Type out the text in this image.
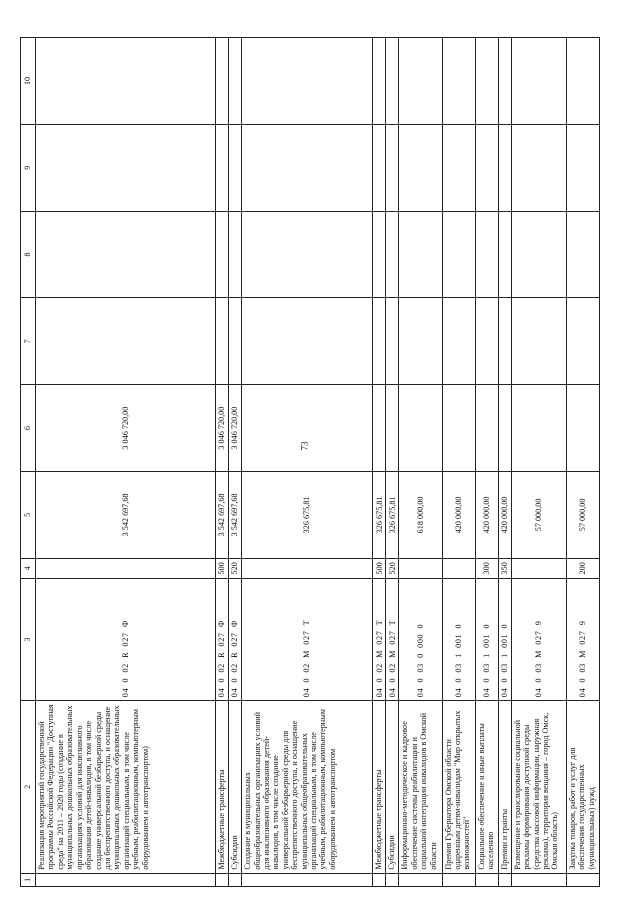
73
1	2	3	4	5	6	7	8	9	10
	Реализация мероприятий государственной программы Российской Федерации "Доступная среда" на 2011 – 2020 годы (создание в муниципальных дошкольных образовательных организациях условий для инклюзивного образования детей-инвалидов, в том числе создание универсальной безбарьерной среды для беспрепятственного доступа, и оснащение муниципальных дошкольных образовательных организаций специальным, в том числе учебным, реабилитационным, компьютерным оборудованием и автотранспортом)	04  0  02  R  027  Ф		3 542 697,68	3 046 720,00				
	Межбюджетные трансферты	04  0  02  R  027  Ф	500	3 542 697,68	3 046 720,00				
	Субсидии	04  0  02  R  027  Ф	520	3 542 697,68	3 046 720,00				
	Создание в муниципальных общеобразовательных организациях условий для инклюзивного образования детей-инвалидов, в том числе создание универсальной безбарьерной среды для беспрепятственного доступа, и оснащение муниципальных общеобразовательных организаций специальным, в том числе учебным, реабилитационным, компьютерным оборудованием и автотранспортом	04  0  02  M  027  T		326 675,81					
	Межбюджетные трансферты	04  0  02  M  027  T	500	326 675,81					
	Субсидии	04  0  02  M  027  T	520	326 675,81					
	Информационно-методическое и кадровое обеспечение системы реабилитации и социальной интеграции инвалидов в Омской области	04  0  03  0  000  0		618 000,00					
	Премия Губернатора Омской области одаренным детям-инвалидам "Мир открытых возможностей"	04  0  03  1  001  0		420 000,00					
	Социальное обеспечение и иные выплаты населению	04  0  03  1  001  0	300	420 000,00					
	Премии и гранты	04  0  03  1  001  0	350	420 000,00					
	Размещение и транслирование социальной рекламы формирования доступной среды (средства массовой информации, наружная реклама), территория вещания – город Омск, Омская область)	04  0  03  M  027  9		57 000,00					
	Закупка товаров, работ и услуг для обеспечения государственных (муниципальных) нужд	04  0  03  M  027  9	200	57 000,00					
